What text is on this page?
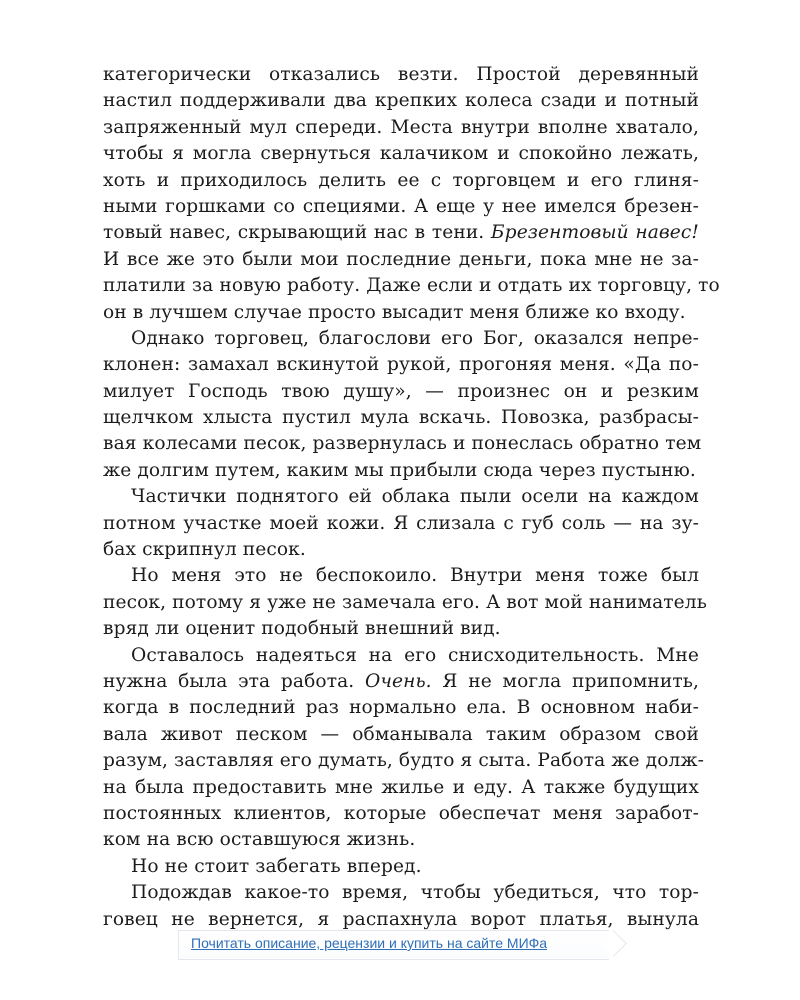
категорически отказались везти. Простой деревянный
настил поддерживали два крепких колеса сзади и потный
запряженный мул спереди. Места внутри вполне хватало,
чтобы я могла свернуться калачиком и спокойно лежать,
хоть и приходилось делить ее с торговцем и его глиня-
ными горшками со специями. А еще у нее имелся брезен-
товый навес, скрывающий нас в тени. Брезентовый навес!
И все же это были мои последние деньги, пока мне не за-
платили за новую работу. Даже если и отдать их торговцу, то
он в лучшем случае просто высадит меня ближе ко входу.
Однако торговец, благослови его Бог, оказался непре-
клонен: замахал вскинутой рукой, прогоняя меня. «Да по-
милует Господь твою душу», — произнес он и резким
щелчком хлыста пустил мула вскачь. Повозка, разбрасы-
вая колесами песок, развернулась и понеслась обратно тем
же долгим путем, каким мы прибыли сюда через пустыню.
Частички поднятого ей облака пыли осели на каждом
потном участке моей кожи. Я слизала с губ соль — на зу-
бах скрипнул песок.
Но меня это не беспокоило. Внутри меня тоже был
песок, потому я уже не замечала его. А вот мой наниматель
вряд ли оценит подобный внешний вид.
Оставалось надеяться на его снисходительность. Мне
нужна была эта работа. Очень. Я не могла припомнить,
когда в последний раз нормально ела. В основном наби-
вала живот песком — обманывала таким образом свой
разум, заставляя его думать, будто я сыта. Работа же долж-
на была предоставить мне жилье и еду. А также будущих
постоянных клиентов, которые обеспечат меня заработ-
ком на всю оставшуюся жизнь.
Но не стоит забегать вперед.
Подождав какое-то время, чтобы убедиться, что тор-
говец не вернется, я распахнула ворот платья, вынула
Почитать описание, рецензии и купить на сайте МИФа
